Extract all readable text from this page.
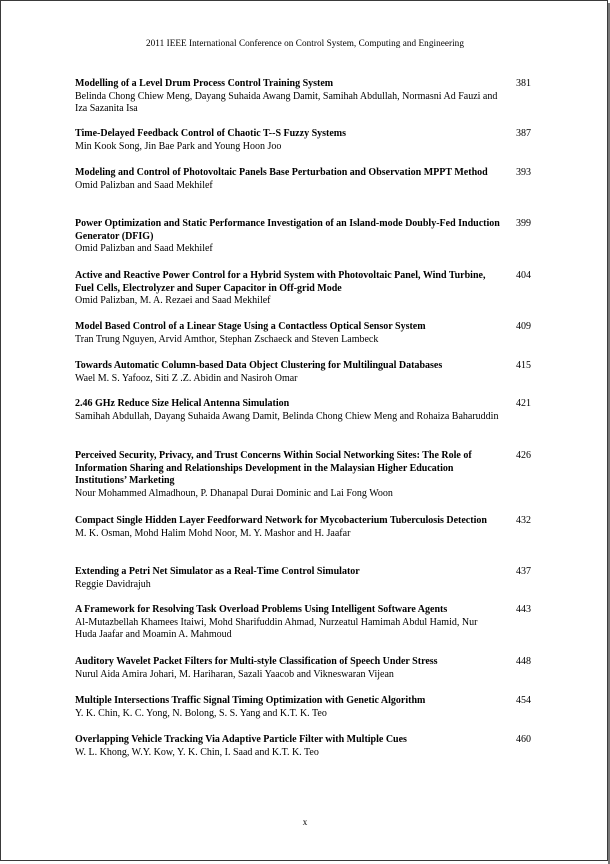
2011 IEEE International Conference on Control System, Computing and Engineering
Modelling of a Level Drum Process Control Training System
Belinda Chong Chiew Meng, Dayang Suhaida Awang Damit, Samihah Abdullah, Normasni Ad Fauzi and Iza Sazanita Isa
381
Time-Delayed Feedback Control of Chaotic T--S Fuzzy Systems
Min Kook Song, Jin Bae Park and Young Hoon Joo
387
Modeling and Control of Photovoltaic Panels Base Perturbation and Observation MPPT Method
Omid Palizban and Saad Mekhilef
393
Power Optimization and Static Performance Investigation of an Island-mode Doubly-Fed Induction Generator (DFIG)
Omid Palizban and Saad Mekhilef
399
Active and Reactive Power Control for a Hybrid System with Photovoltaic Panel, Wind Turbine, Fuel Cells, Electrolyzer and Super Capacitor in Off-grid Mode
Omid Palizban, M. A. Rezaei and Saad Mekhilef
404
Model Based Control of a Linear Stage Using a Contactless Optical Sensor System
Tran Trung Nguyen, Arvid Amthor, Stephan Zschaeck and Steven Lambeck
409
Towards Automatic Column-based Data Object Clustering for Multilingual Databases
Wael M. S. Yafooz, Siti Z .Z. Abidin and Nasiroh Omar
415
2.46 GHz Reduce Size Helical Antenna Simulation
Samihah Abdullah, Dayang Suhaida Awang Damit, Belinda Chong Chiew Meng and Rohaiza Baharuddin
421
Perceived Security, Privacy, and Trust Concerns Within Social Networking Sites: The Role of Information Sharing and Relationships Development in the Malaysian Higher Education Institutions’ Marketing
Nour Mohammed Almadhoun, P. Dhanapal Durai Dominic and Lai Fong Woon
426
Compact Single Hidden Layer Feedforward Network for Mycobacterium Tuberculosis Detection
M. K. Osman, Mohd Halim Mohd Noor, M. Y. Mashor and H. Jaafar
432
Extending a Petri Net Simulator as a Real-Time Control Simulator
Reggie Davidrajuh
437
A Framework for Resolving Task Overload Problems Using Intelligent Software Agents
Al-Mutazbellah Khamees Itaiwi, Mohd Sharifuddin Ahmad, Nurzeatul Hamimah Abdul Hamid, Nur Huda Jaafar and Moamin A. Mahmoud
443
Auditory Wavelet Packet Filters for Multi-style Classification of Speech Under Stress
Nurul Aida Amira Johari, M. Hariharan, Sazali Yaacob and Vikneswaran Vijean
448
Multiple Intersections Traffic Signal Timing Optimization with Genetic Algorithm
Y. K. Chin, K. C. Yong, N. Bolong, S. S. Yang and K.T. K. Teo
454
Overlapping Vehicle Tracking Via Adaptive Particle Filter with Multiple Cues
W. L. Khong, W.Y. Kow, Y. K. Chin, I. Saad and K.T. K. Teo
460
x
